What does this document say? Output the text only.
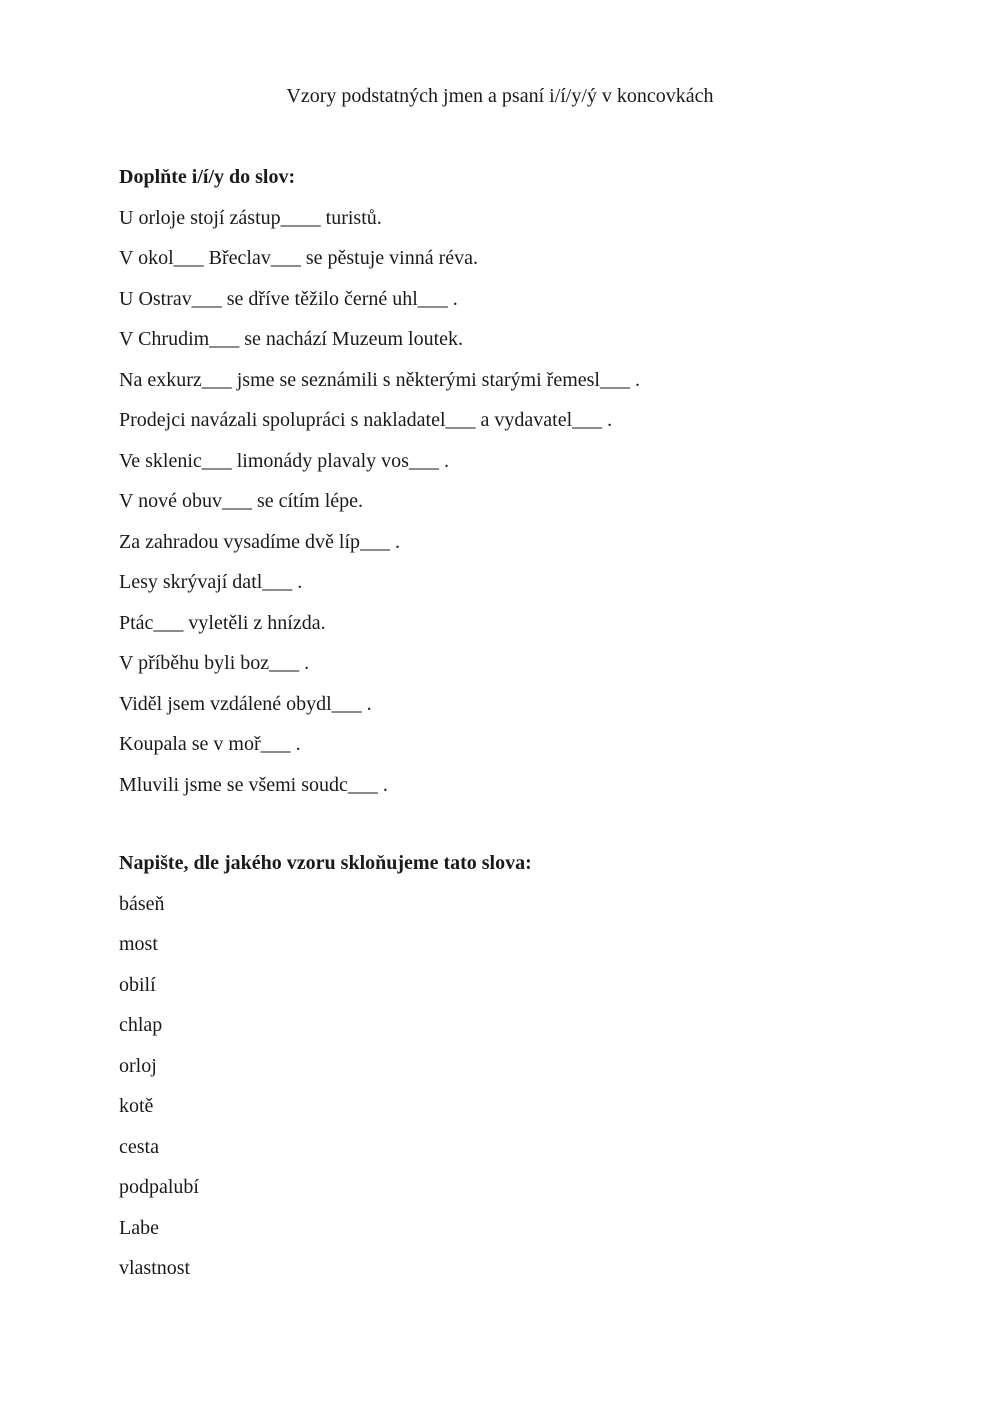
Vzory podstatných jmen a psaní i/í/y/ý v koncovkách
Doplňte i/í/y do slov:
U orloje stojí zástup____ turistů.
V okol___ Břeclav___ se pěstuje vinná réva.
U Ostrav___ se dříve těžilo černé uhl___ .
V Chrudim___ se nachází Muzeum loutek.
Na exkurz___ jsme se seznámili s některými starými řemesl___ .
Prodejci navázali spolupráci s nakladatel___ a vydavatel___ .
Ve sklenic___ limonády plavaly vos___ .
V nové obuv___ se cítím lépe.
Za zahradou vysadíme dvě líp___ .
Lesy skrývají datl___ .
Ptác___ vyletěli z hnízda.
V příběhu byli boz___ .
Viděl jsem vzdálené obydl___ .
Koupala se v moř___ .
Mluvili jsme se všemi soudc___ .
Napište, dle jakého vzoru skloňujeme tato slova:
báseň
most
obilí
chlap
orloj
kotě
cesta
podpalubí
Labe
vlastnost
